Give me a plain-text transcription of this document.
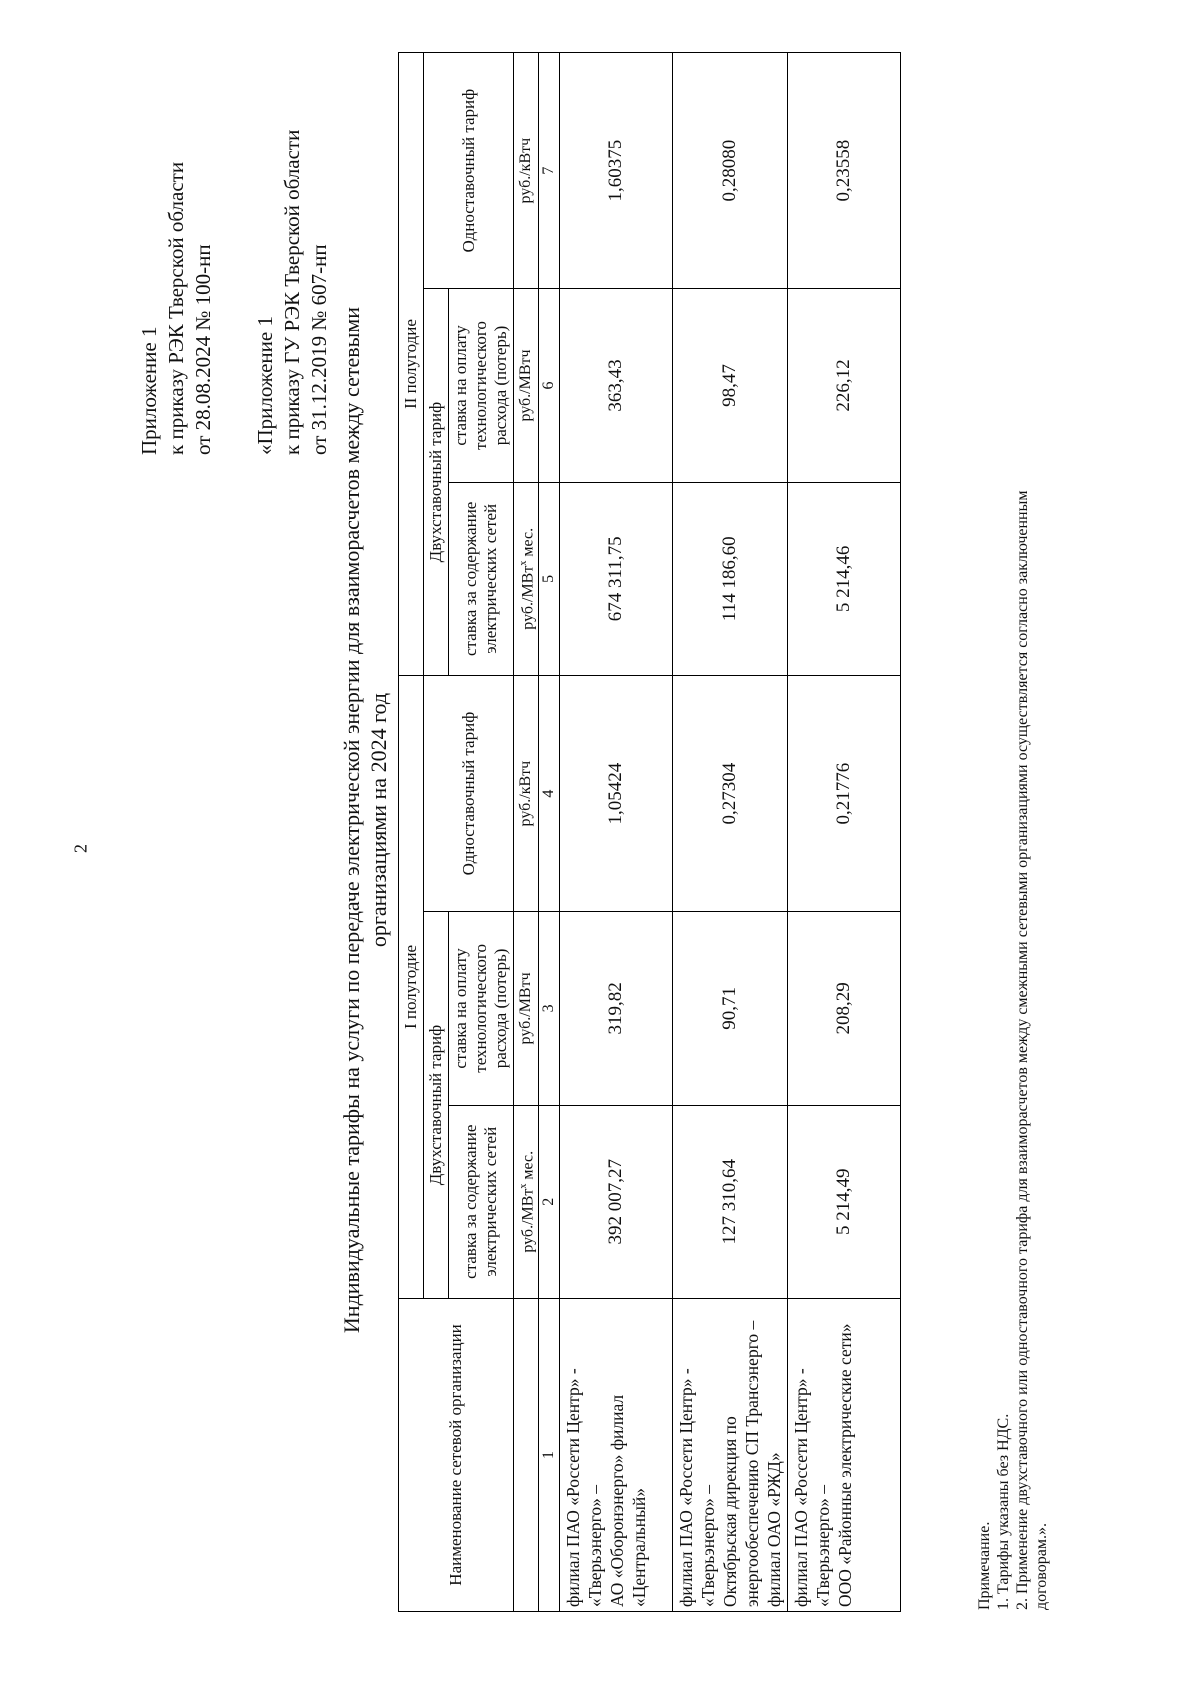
2
Приложение 1 к приказу РЭК Тверской области от 28.08.2024 № 100-нп «Приложение 1 к приказу ГУ РЭК Тверской области от 31.12.2019 № 607-нп Индивидуальные тарифы на услуги по передаче электрической энергии для взаиморасчетов между сетевыми организациями на 2024 год
Наименование сетевой организации	I полугодие			II полугодие		
	Двухставочный тариф		Одноставочный тариф	Двухставочный тариф		Одноставочный тариф
	ставка за содержание электрических сетей	ставка на оплату технологического расхода (потерь)		ставка за содержание электрических сетей	ставка на оплату технологического расхода (потерь)	
	руб./МВт$^х$ мес.	руб./МВтч	руб./кВтч	руб./МВт$^х$ мес.	руб./МВтч	руб./кВтч
1	2	3	4	5	6	7

филиал ПАО «Россети Центр» - «Тверьэнерго» – АО «Оборонэнерго» филиал «Центральный»	392 007,27	319,82	1,05424	674 311,75	363,43	1,60375

филиал ПАО «Россети Центр» - «Тверьэнерго» – Октябрьская дирекция по энергообеспечению СП Трансэнерго – филиал ОАО «РЖД»	127 310,64	90,71	0,27304	114 186,60	98,47	0,28080

филиал ПАО «Россети Центр» - «Тверьэнерго» – ООО «Районные электрические сети»	5 214,49	208,29	0,21776	5 214,46	226,12	0,23558
Примечание. 1. Тарифы указаны без НДС. 2. Применение двухставочного или одноставочного тарифа для взаиморасчетов между смежными сетевыми организациями осуществляется согласно заключенным договорам.».
